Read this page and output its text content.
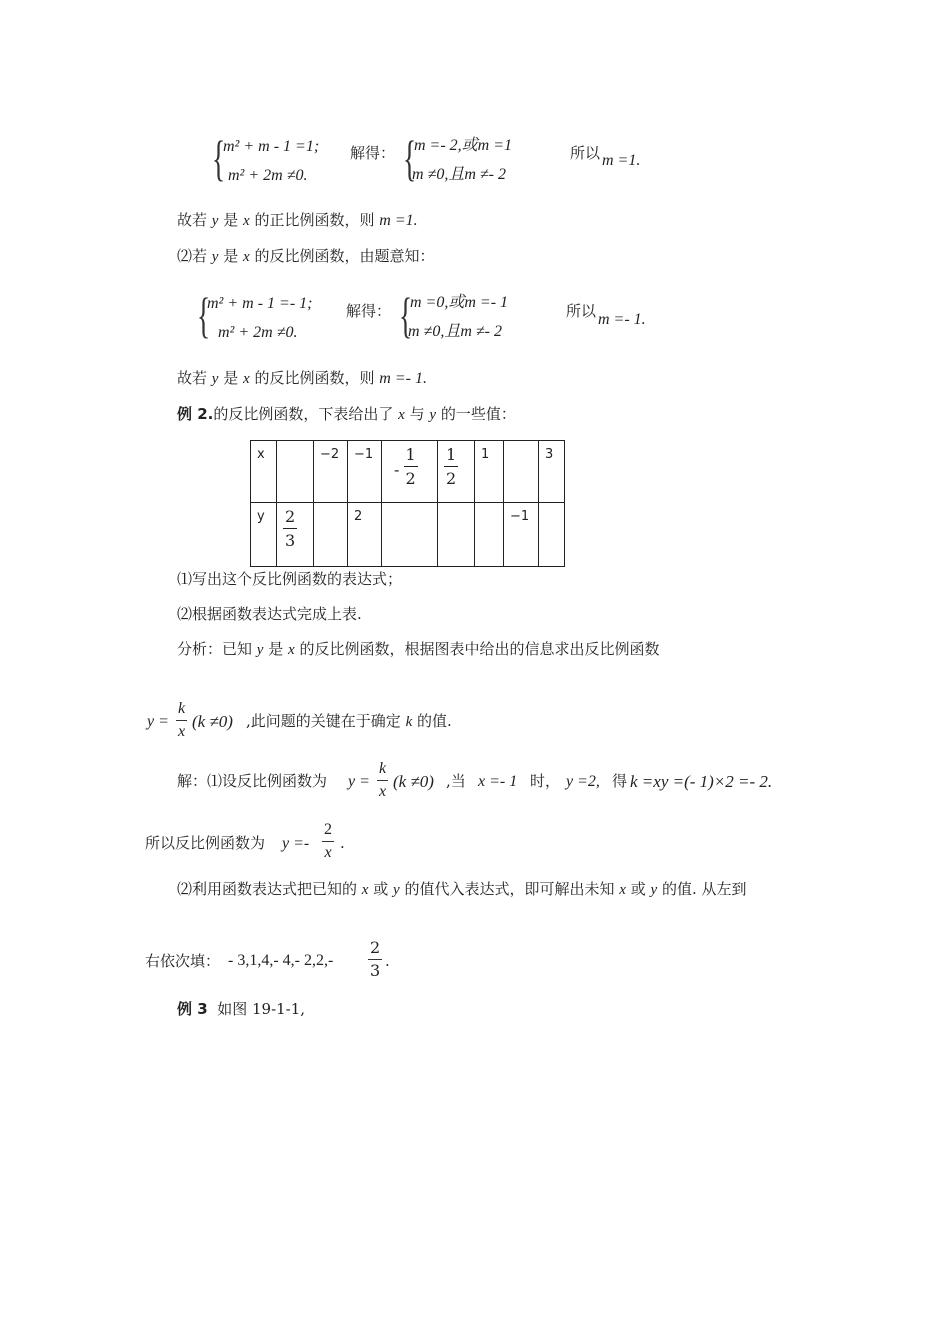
{
m² + m - 1 =1;
m² + 2m ≠0.
解得： {
m =- 2,或m =1
m ≠0,且m ≠- 2
所以 m =1.
故若 y 是 x 的正比例函数，则 m =1.
⑵若 y 是 x 的反比例函数，由题意知：
{
m² + m - 1 =- 1;
m² + 2m ≠0.
解得： {
m =0,或m =- 1
m ≠0,且m ≠- 2
所以 m =- 1.
故若 y 是 x 的反比例函数，则 m =- 1.
例 2.的反比例函数，下表给出了 x 与 y 的一些值：
x		−2	−1	- $\frac{1}{2}$	$\frac{1}{2}$	1		3
y	$\frac{2}{3}$		2				−1	
⑴写出这个反比例函数的表达式；
⑵根据函数表达式完成上表.
分析：已知 y 是 x 的反比例函数，根据图表中给出的信息求出反比例函数
y =
k
x
(k ≠0) ,此问题的关键在于确定 k 的值.
解：⑴设反比例函数为 y =
k
x
(k ≠0) ,当 x =- 1 时， y =2, 得 k =xy =(- 1)×2 =- 2.
所以反比例函数为 y =-
2
x
.
⑵利用函数表达式把已知的 x 或 y 的值代入表达式，即可解出未知 x 或 y 的值. 从左到
右依次填： - 3,1,4,- 4,- 2,2,-
2
3 .
例 3 如图 19-1-1,
